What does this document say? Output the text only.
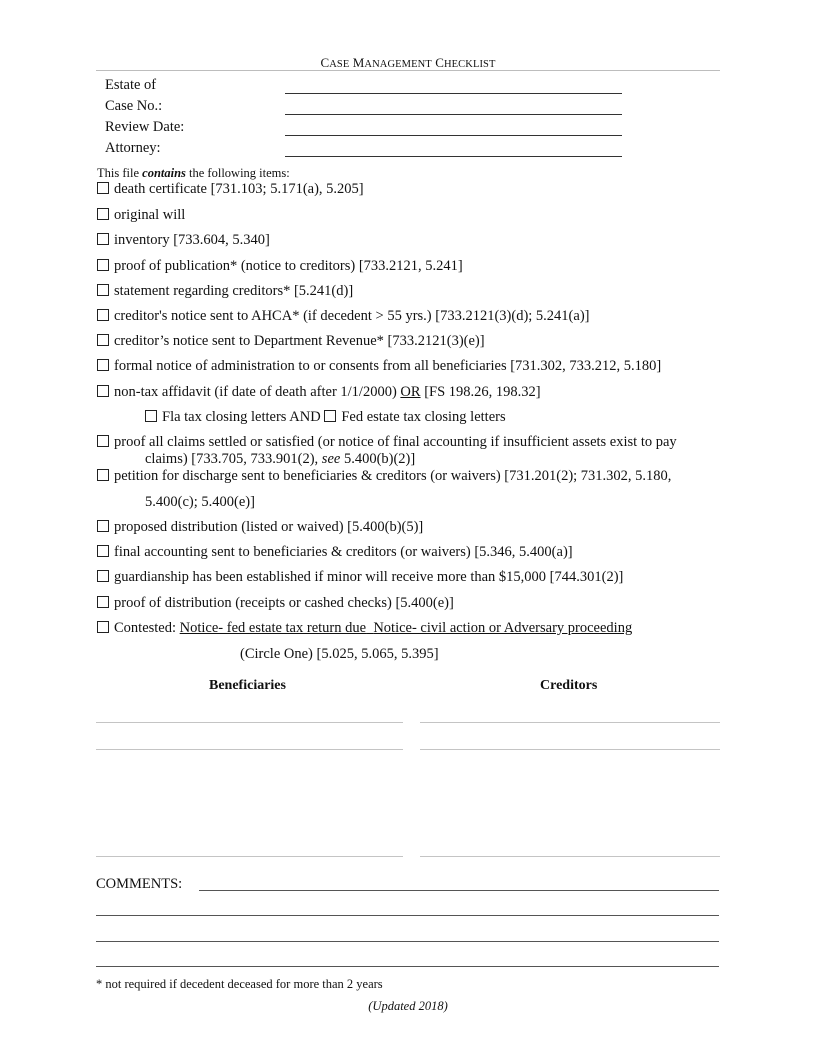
CASE MANAGEMENT CHECKLIST
Estate of
Case No.:
Review Date:
Attorney:
This file contains the following items:
death certificate [731.103; 5.171(a), 5.205]
original will
inventory [733.604, 5.340]
proof of publication* (notice to creditors) [733.2121, 5.241]
statement regarding creditors* [5.241(d)]
creditor's notice sent to AHCA* (if decedent > 55 yrs.) [733.2121(3)(d); 5.241(a)]
creditor’s notice sent to Department Revenue* [733.2121(3)(e)]
formal notice of administration to or consents from all beneficiaries [731.302, 733.212, 5.180]
non-tax affidavit (if date of death after 1/1/2000) OR [FS 198.26, 198.32]
Fla tax closing letters AND Fed estate tax closing letters
proof all claims settled or satisfied (or notice of final accounting if insufficient assets exist to pay
claims) [733.705, 733.901(2), see 5.400(b)(2)]
petition for discharge sent to beneficiaries & creditors (or waivers) [731.201(2); 731.302, 5.180,
5.400(c); 5.400(e)]
proposed distribution (listed or waived) [5.400(b)(5)]
final accounting sent to beneficiaries & creditors (or waivers) [5.346, 5.400(a)]
guardianship has been established if minor will receive more than $15,000 [744.301(2)]
proof of distribution (receipts or cashed checks) [5.400(e)]
Contested: Notice- fed estate tax return due Notice- civil action or Adversary proceeding
(Circle One) [5.025, 5.065, 5.395]
Beneficiaries	Creditors
COMMENTS:
* not required if decedent deceased for more than 2 years
(Updated 2018)
